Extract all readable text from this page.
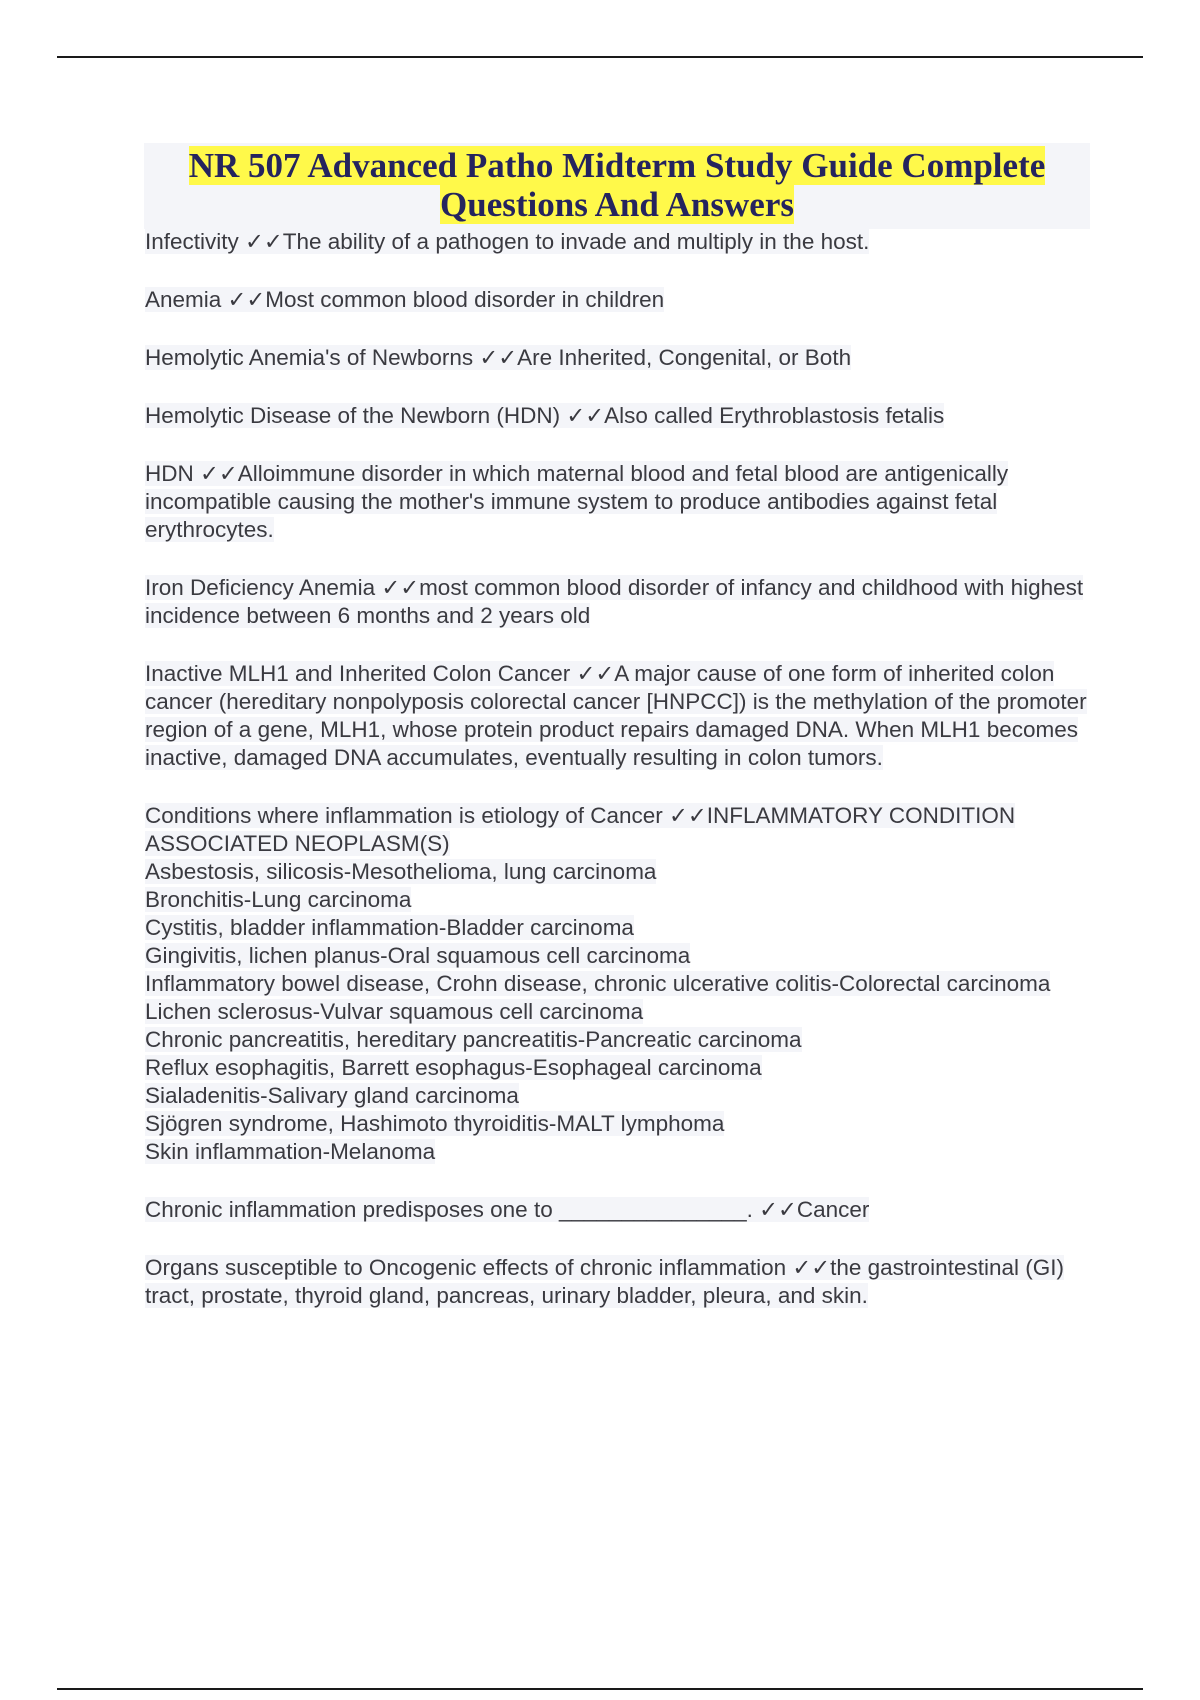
NR 507 Advanced Patho Midterm Study Guide Complete
Questions And Answers

Infectivity ✓✓The ability of a pathogen to invade and multiply in the host.

Anemia ✓✓Most common blood disorder in children

Hemolytic Anemia's of Newborns ✓✓Are Inherited, Congenital, or Both

Hemolytic Disease of the Newborn (HDN) ✓✓Also called Erythroblastosis fetalis

HDN ✓✓Alloimmune disorder in which maternal blood and fetal blood are antigenically incompatible causing the mother's immune system to produce antibodies against fetal erythrocytes.

Iron Deficiency Anemia ✓✓most common blood disorder of infancy and childhood with highest incidence between 6 months and 2 years old

Inactive MLH1 and Inherited Colon Cancer ✓✓A major cause of one form of inherited colon cancer (hereditary nonpolyposis colorectal cancer [HNPCC]) is the methylation of the promoter region of a gene, MLH1, whose protein product repairs damaged DNA. When MLH1 becomes inactive, damaged DNA accumulates, eventually resulting in colon tumors.

Conditions where inflammation is etiology of Cancer ✓✓INFLAMMATORY CONDITION ASSOCIATED NEOPLASM(S)
Asbestosis, silicosis-Mesothelioma, lung carcinoma
Bronchitis-Lung carcinoma
Cystitis, bladder inflammation-Bladder carcinoma
Gingivitis, lichen planus-Oral squamous cell carcinoma
Inflammatory bowel disease, Crohn disease, chronic ulcerative colitis-Colorectal carcinoma
Lichen sclerosus-Vulvar squamous cell carcinoma
Chronic pancreatitis, hereditary pancreatitis-Pancreatic carcinoma
Reflux esophagitis, Barrett esophagus-Esophageal carcinoma
Sialadenitis-Salivary gland carcinoma
Sjögren syndrome, Hashimoto thyroiditis-MALT lymphoma
Skin inflammation-Melanoma

Chronic inflammation predisposes one to _______________. ✓✓Cancer

Organs susceptible to Oncogenic effects of chronic inflammation ✓✓the gastrointestinal (GI) tract, prostate, thyroid gland, pancreas, urinary bladder, pleura, and skin.
